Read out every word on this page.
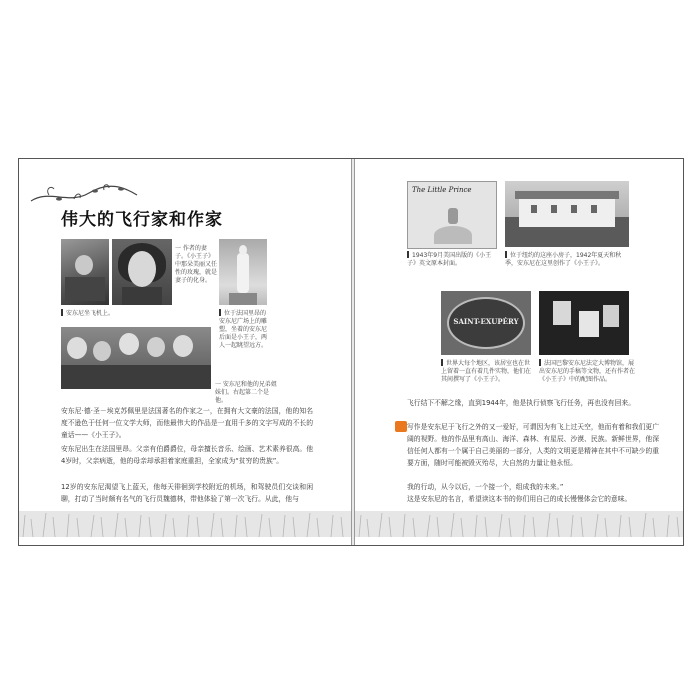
伟大的飞行家和作家
安东尼坐飞机上。
一 作者的妻子。《小王子》中那朵美丽又任性的玫瑰，就是妻子的化身。
位于法国里昂的安东尼广场上的雕塑，坐着的安东尼后面是小王子，两人一起眺望远方。
一 安东尼和他的兄弟姐妹们。右起第二个是他。

安东尼·德·圣－埃克苏佩里是法国著名的作家之一，在拥有大文豪的法国，他的知名度不逊色于任何一位文学大师，而他最伟大的作品是一直用千多的文字写成的不长的童话——《小王子》。

安东尼出生在法国里昂。父亲有伯爵爵位，母亲擅长音乐、绘画、艺术素养很高。他4岁时，父亲病逝，他的母亲却承担着家庭重担，全家成为“贫穷的贵族”。

12岁的安东尼渴望飞上蓝天，他每天徘徊到学校附近的机场，和驾驶员们交谈和闲聊，打动了当时颇有名气的飞行员魏德林，带他体验了第一次飞行。从此，他与

The Little Prince
1943年9月美国出版的《小王子》英文原本封面。
位于纽约的这座小房子，1942年夏天和秋季，安东尼在这里创作了《小王子》。
SAINT-EXUPÉRY
世界大每个地区，该居室也在世上留着一直有着几件实物，他们在其间撰写了《小王子》。
法国巴黎安东尼法定大博物馆，展出安东尼的手稿等文物，还有作者在《小王子》中的配图作品。

飞行结下不解之缘，直到1944年，他是执行侦察飞行任务，再也没有回来。

写作是安东尼于飞行之外的又一爱好，可谓因为有飞上过天空，他而有着和我们更广阔的视野。他的作品里有高山、海洋、森林、有星辰、沙漠、民族。新鲜世界，他深信任何人都有一个属于自己美丽的一部分，人类的文明更是精神在其中不可缺少的重要方面，随时可能被毁灭殆尽，大自然的力量让他永恒。

我的行动，从今以后，一个接一个，组成我的未来。”

这是安东尼的名言，希望读这本书的你们用自己的成长慢慢体会它的意味。
